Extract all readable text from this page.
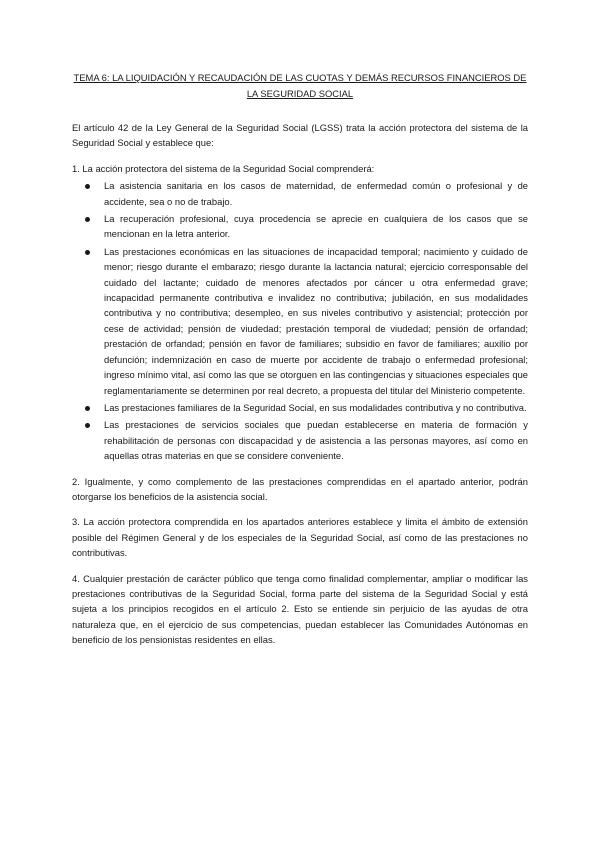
TEMA 6: LA LIQUIDACIÓN Y RECAUDACIÓN DE LAS CUOTAS Y DEMÁS RECURSOS FINANCIEROS DE LA SEGURIDAD SOCIAL

El artículo 42 de la Ley General de la Seguridad Social (LGSS) trata la acción protectora del sistema de la Seguridad Social y establece que:

1. La acción protectora del sistema de la Seguridad Social comprenderá:

La asistencia sanitaria en los casos de maternidad, de enfermedad común o profesional y de accidente, sea o no de trabajo.
La recuperación profesional, cuya procedencia se aprecie en cualquiera de los casos que se mencionan en la letra anterior.
Las prestaciones económicas en las situaciones de incapacidad temporal; nacimiento y cuidado de menor; riesgo durante el embarazo; riesgo durante la lactancia natural; ejercicio corresponsable del cuidado del lactante; cuidado de menores afectados por cáncer u otra enfermedad grave; incapacidad permanente contributiva e invalidez no contributiva; jubilación, en sus modalidades contributiva y no contributiva; desempleo, en sus niveles contributivo y asistencial; protección por cese de actividad; pensión de viudedad; prestación temporal de viudedad; pensión de orfandad; prestación de orfandad; pensión en favor de familiares; subsidio en favor de familiares; auxilio por defunción; indemnización en caso de muerte por accidente de trabajo o enfermedad profesional; ingreso mínimo vital, así como las que se otorguen en las contingencias y situaciones especiales que reglamentariamente se determinen por real decreto, a propuesta del titular del Ministerio competente.
Las prestaciones familiares de la Seguridad Social, en sus modalidades contributiva y no contributiva.
Las prestaciones de servicios sociales que puedan establecerse en materia de formación y rehabilitación de personas con discapacidad y de asistencia a las personas mayores, así como en aquellas otras materias en que se considere conveniente.

2. Igualmente, y como complemento de las prestaciones comprendidas en el apartado anterior, podrán otorgarse los beneficios de la asistencia social.

3. La acción protectora comprendida en los apartados anteriores establece y limita el ámbito de extensión posible del Régimen General y de los especiales de la Seguridad Social, así como de las prestaciones no contributivas.

4. Cualquier prestación de carácter público que tenga como finalidad complementar, ampliar o modificar las prestaciones contributivas de la Seguridad Social, forma parte del sistema de la Seguridad Social y está sujeta a los principios recogidos en el artículo 2. Esto se entiende sin perjuicio de las ayudas de otra naturaleza que, en el ejercicio de sus competencias, puedan establecer las Comunidades Autónomas en beneficio de los pensionistas residentes en ellas.
